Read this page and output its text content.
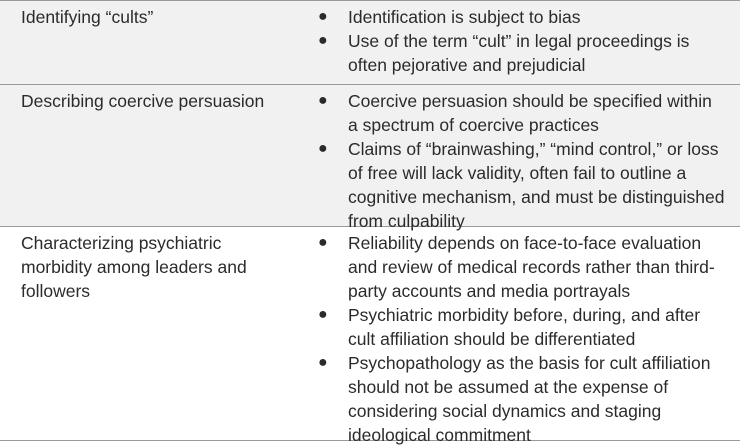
Identifying “cults”	●	Identification is subject to bias
●	Use of the term “cult” in legal proceedings is often pejorative and prejudicial
Describing coercive persuasion	●	Coercive persuasion should be specified within a spectrum of coercive practices
●	Claims of “brainwashing,” “mind control,” or loss of free will lack validity, often fail to outline a cognitive mechanism, and must be distinguished from culpability
Characterizing psychiatric morbidity among leaders and followers
●	Reliability depends on face-to-face evaluation and review of medical records rather than third-party accounts and media portrayals
●	Psychiatric morbidity before, during, and after cult affiliation should be differentiated
●	Psychopathology as the basis for cult affiliation should not be assumed at the expense of considering social dynamics and staging ideological commitment
